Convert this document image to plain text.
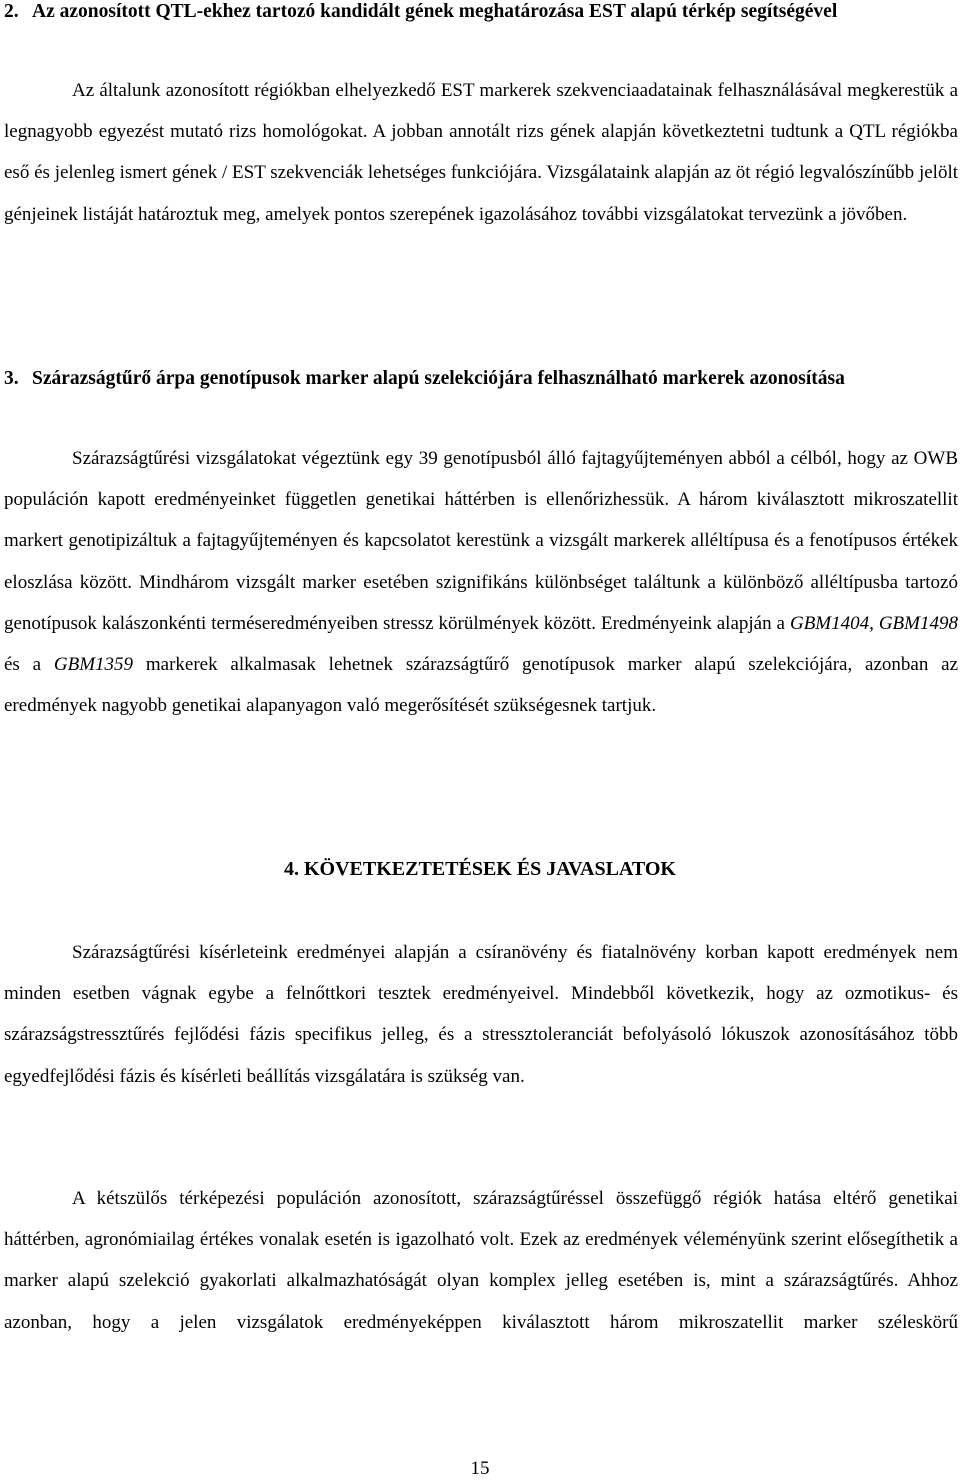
2. Az azonosított QTL-ekhez tartozó kandidált gének meghatározása EST alapú térkép segítségével

Az általunk azonosított régiókban elhelyezkedő EST markerek szekvenciaadatainak felhasználásával megkerestük a legnagyobb egyezést mutató rizs homológokat. A jobban annotált rizs gének alapján következtetni tudtunk a QTL régiókba eső és jelenleg ismert gének / EST szekvenciák lehetséges funkciójára. Vizsgálataink alapján az öt régió legvalószínűbb jelölt génjeinek listáját határoztuk meg, amelyek pontos szerepének igazolásához további vizsgálatokat tervezünk a jövőben.

3. Szárazságtűrő árpa genotípusok marker alapú szelekciójára felhasználható markerek azonosítása

Szárazságtűrési vizsgálatokat végeztünk egy 39 genotípusból álló fajtagyűjteményen abból a célból, hogy az OWB populáción kapott eredményeinket független genetikai háttérben is ellenőrizhessük. A három kiválasztott mikroszatellit markert genotipizáltuk a fajtagyűjteményen és kapcsolatot kerestünk a vizsgált markerek alléltípusa és a fenotípusos értékek eloszlása között. Mindhárom vizsgált marker esetében szignifikáns különbséget találtunk a különböző alléltípusba tartozó genotípusok kalászonkénti terméseredményeiben stressz körülmények között. Eredményeink alapján a GBM1404, GBM1498 és a GBM1359 markerek alkalmasak lehetnek szárazságtűrő genotípusok marker alapú szelekciójára, azonban az eredmények nagyobb genetikai alapanyagon való megerősítését szükségesnek tartjuk.

4. KÖVETKEZTETÉSEK ÉS JAVASLATOK

Szárazságtűrési kísérleteink eredményei alapján a csíranövény és fiatalnövény korban kapott eredmények nem minden esetben vágnak egybe a felnőttkori tesztek eredményeivel. Mindebből következik, hogy az ozmotikus- és szárazságstressztűrés fejlődési fázis specifikus jelleg, és a stressztoleranciát befolyásoló lókuszok azonosításához több egyedfejlődési fázis és kísérleti beállítás vizsgálatára is szükség van.

A kétszülős térképezési populáción azonosított, szárazságtűréssel összefüggő régiók hatása eltérő genetikai háttérben, agronómiailag értékes vonalak esetén is igazolható volt. Ezek az eredmények véleményünk szerint elősegíthetik a marker alapú szelekció gyakorlati alkalmazhatóságát olyan komplex jelleg esetében is, mint a szárazságtűrés. Ahhoz azonban, hogy a jelen vizsgálatok eredményeképpen kiválasztott három mikroszatellit marker széleskörű

15
